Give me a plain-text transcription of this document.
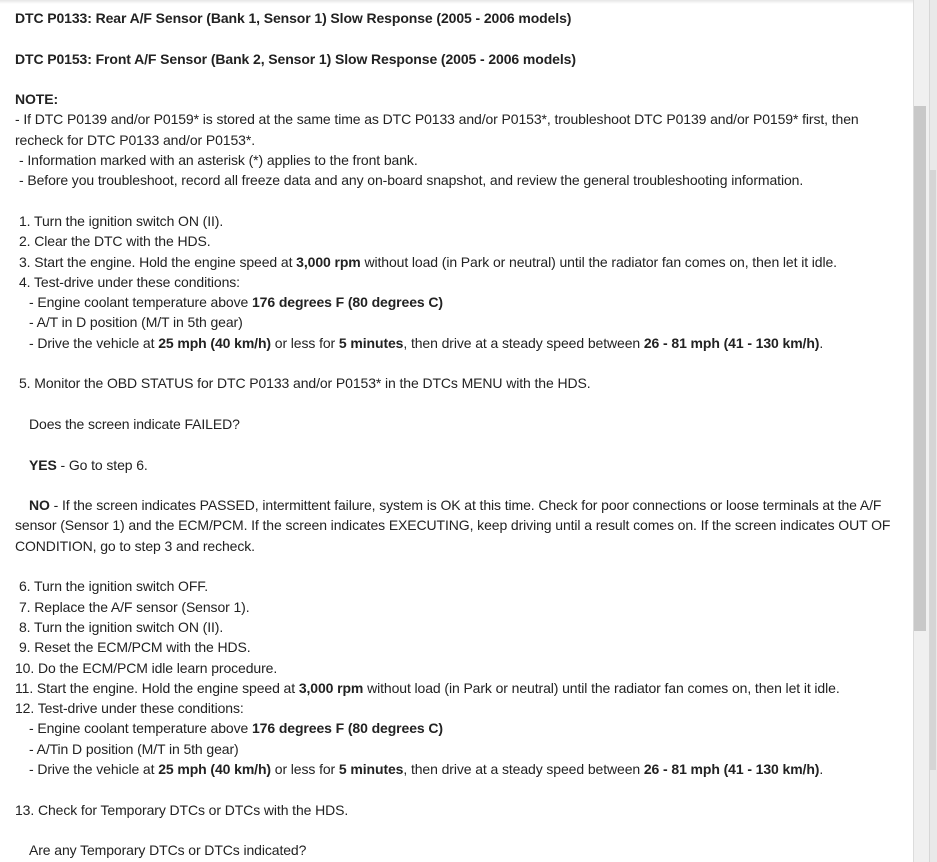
DTC P0133: Rear A/F Sensor (Bank 1, Sensor 1) Slow Response (2005 - 2006 models)
DTC P0153: Front A/F Sensor (Bank 2, Sensor 1) Slow Response (2005 - 2006 models)
NOTE:
- If DTC P0139 and/or P0159* is stored at the same time as DTC P0133 and/or P0153*, troubleshoot DTC P0139 and/or P0159* first, then recheck for DTC P0133 and/or P0153*.
- Information marked with an asterisk (*) applies to the front bank.
- Before you troubleshoot, record all freeze data and any on-board snapshot, and review the general troubleshooting information.
1. Turn the ignition switch ON (II).
2. Clear the DTC with the HDS.
3. Start the engine. Hold the engine speed at 3,000 rpm without load (in Park or neutral) until the radiator fan comes on, then let it idle.
4. Test-drive under these conditions:
- Engine coolant temperature above 176 degrees F (80 degrees C)
- A/T in D position (M/T in 5th gear)
- Drive the vehicle at 25 mph (40 km/h) or less for 5 minutes, then drive at a steady speed between 26 - 81 mph (41 - 130 km/h).
5. Monitor the OBD STATUS for DTC P0133 and/or P0153* in the DTCs MENU with the HDS.
Does the screen indicate FAILED?
YES - Go to step 6.
NO - If the screen indicates PASSED, intermittent failure, system is OK at this time. Check for poor connections or loose terminals at the A/F sensor (Sensor 1) and the ECM/PCM. If the screen indicates EXECUTING, keep driving until a result comes on. If the screen indicates OUT OF CONDITION, go to step 3 and recheck.
6. Turn the ignition switch OFF.
7. Replace the A/F sensor (Sensor 1).
8. Turn the ignition switch ON (II).
9. Reset the ECM/PCM with the HDS.
10. Do the ECM/PCM idle learn procedure.
11. Start the engine. Hold the engine speed at 3,000 rpm without load (in Park or neutral) until the radiator fan comes on, then let it idle.
12. Test-drive under these conditions:
- Engine coolant temperature above 176 degrees F (80 degrees C)
- A/Tin D position (M/T in 5th gear)
- Drive the vehicle at 25 mph (40 km/h) or less for 5 minutes, then drive at a steady speed between 26 - 81 mph (41 - 130 km/h).
13. Check for Temporary DTCs or DTCs with the HDS.
Are any Temporary DTCs or DTCs indicated?
